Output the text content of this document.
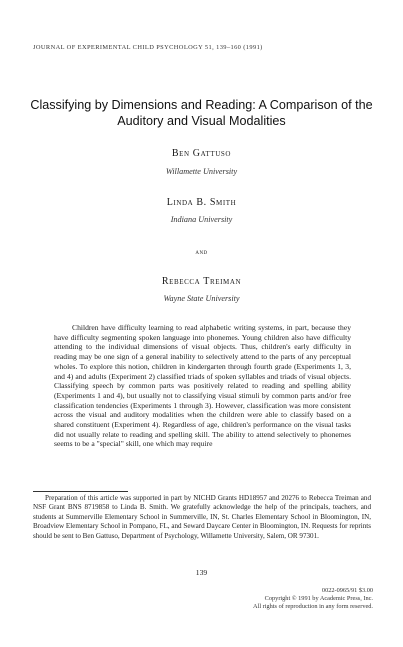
JOURNAL OF EXPERIMENTAL CHILD PSYCHOLOGY 51, 139–160 (1991)
Classifying by Dimensions and Reading: A Comparison of the Auditory and Visual Modalities
Ben Gattuso
Willamette University
Linda B. Smith
Indiana University
and
Rebecca Treiman
Wayne State University

Children have difficulty learning to read alphabetic writing systems, in part, because they have difficulty segmenting spoken language into phonemes. Young children also have difficulty attending to the individual dimensions of visual objects. Thus, children's early difficulty in reading may be one sign of a general inability to selectively attend to the parts of any perceptual wholes. To explore this notion, children in kindergarten through fourth grade (Experiments 1, 3, and 4) and adults (Experiment 2) classified triads of spoken syllables and triads of visual objects. Classifying speech by common parts was positively related to reading and spelling ability (Experiments 1 and 4), but usually not to classifying visual stimuli by common parts and/or free classification tendencies (Experiments 1 through 3). However, classification was more consistent across the visual and auditory modalities when the children were able to classify based on a shared constituent (Experiment 4). Regardless of age, children's performance on the visual tasks did not usually relate to reading and spelling skill. The ability to attend selectively to phonemes seems to be a "special" skill, one which may require

Preparation of this article was supported in part by NICHD Grants HD18957 and 20276 to Rebecca Treiman and NSF Grant BNS 8719858 to Linda B. Smith. We gratefully acknowledge the help of the principals, teachers, and students at Summerville Elementary School in Summerville, IN, St. Charles Elementary School in Bloomington, IN, Broadview Elementary School in Pompano, FL, and Seward Daycare Center in Bloomington, IN. Requests for reprints should be sent to Ben Gattuso, Department of Psychology, Willamette University, Salem, OR 97301.

139
0022-0965/91 $3.00
Copyright © 1991 by Academic Press, Inc.
All rights of reproduction in any form reserved.
